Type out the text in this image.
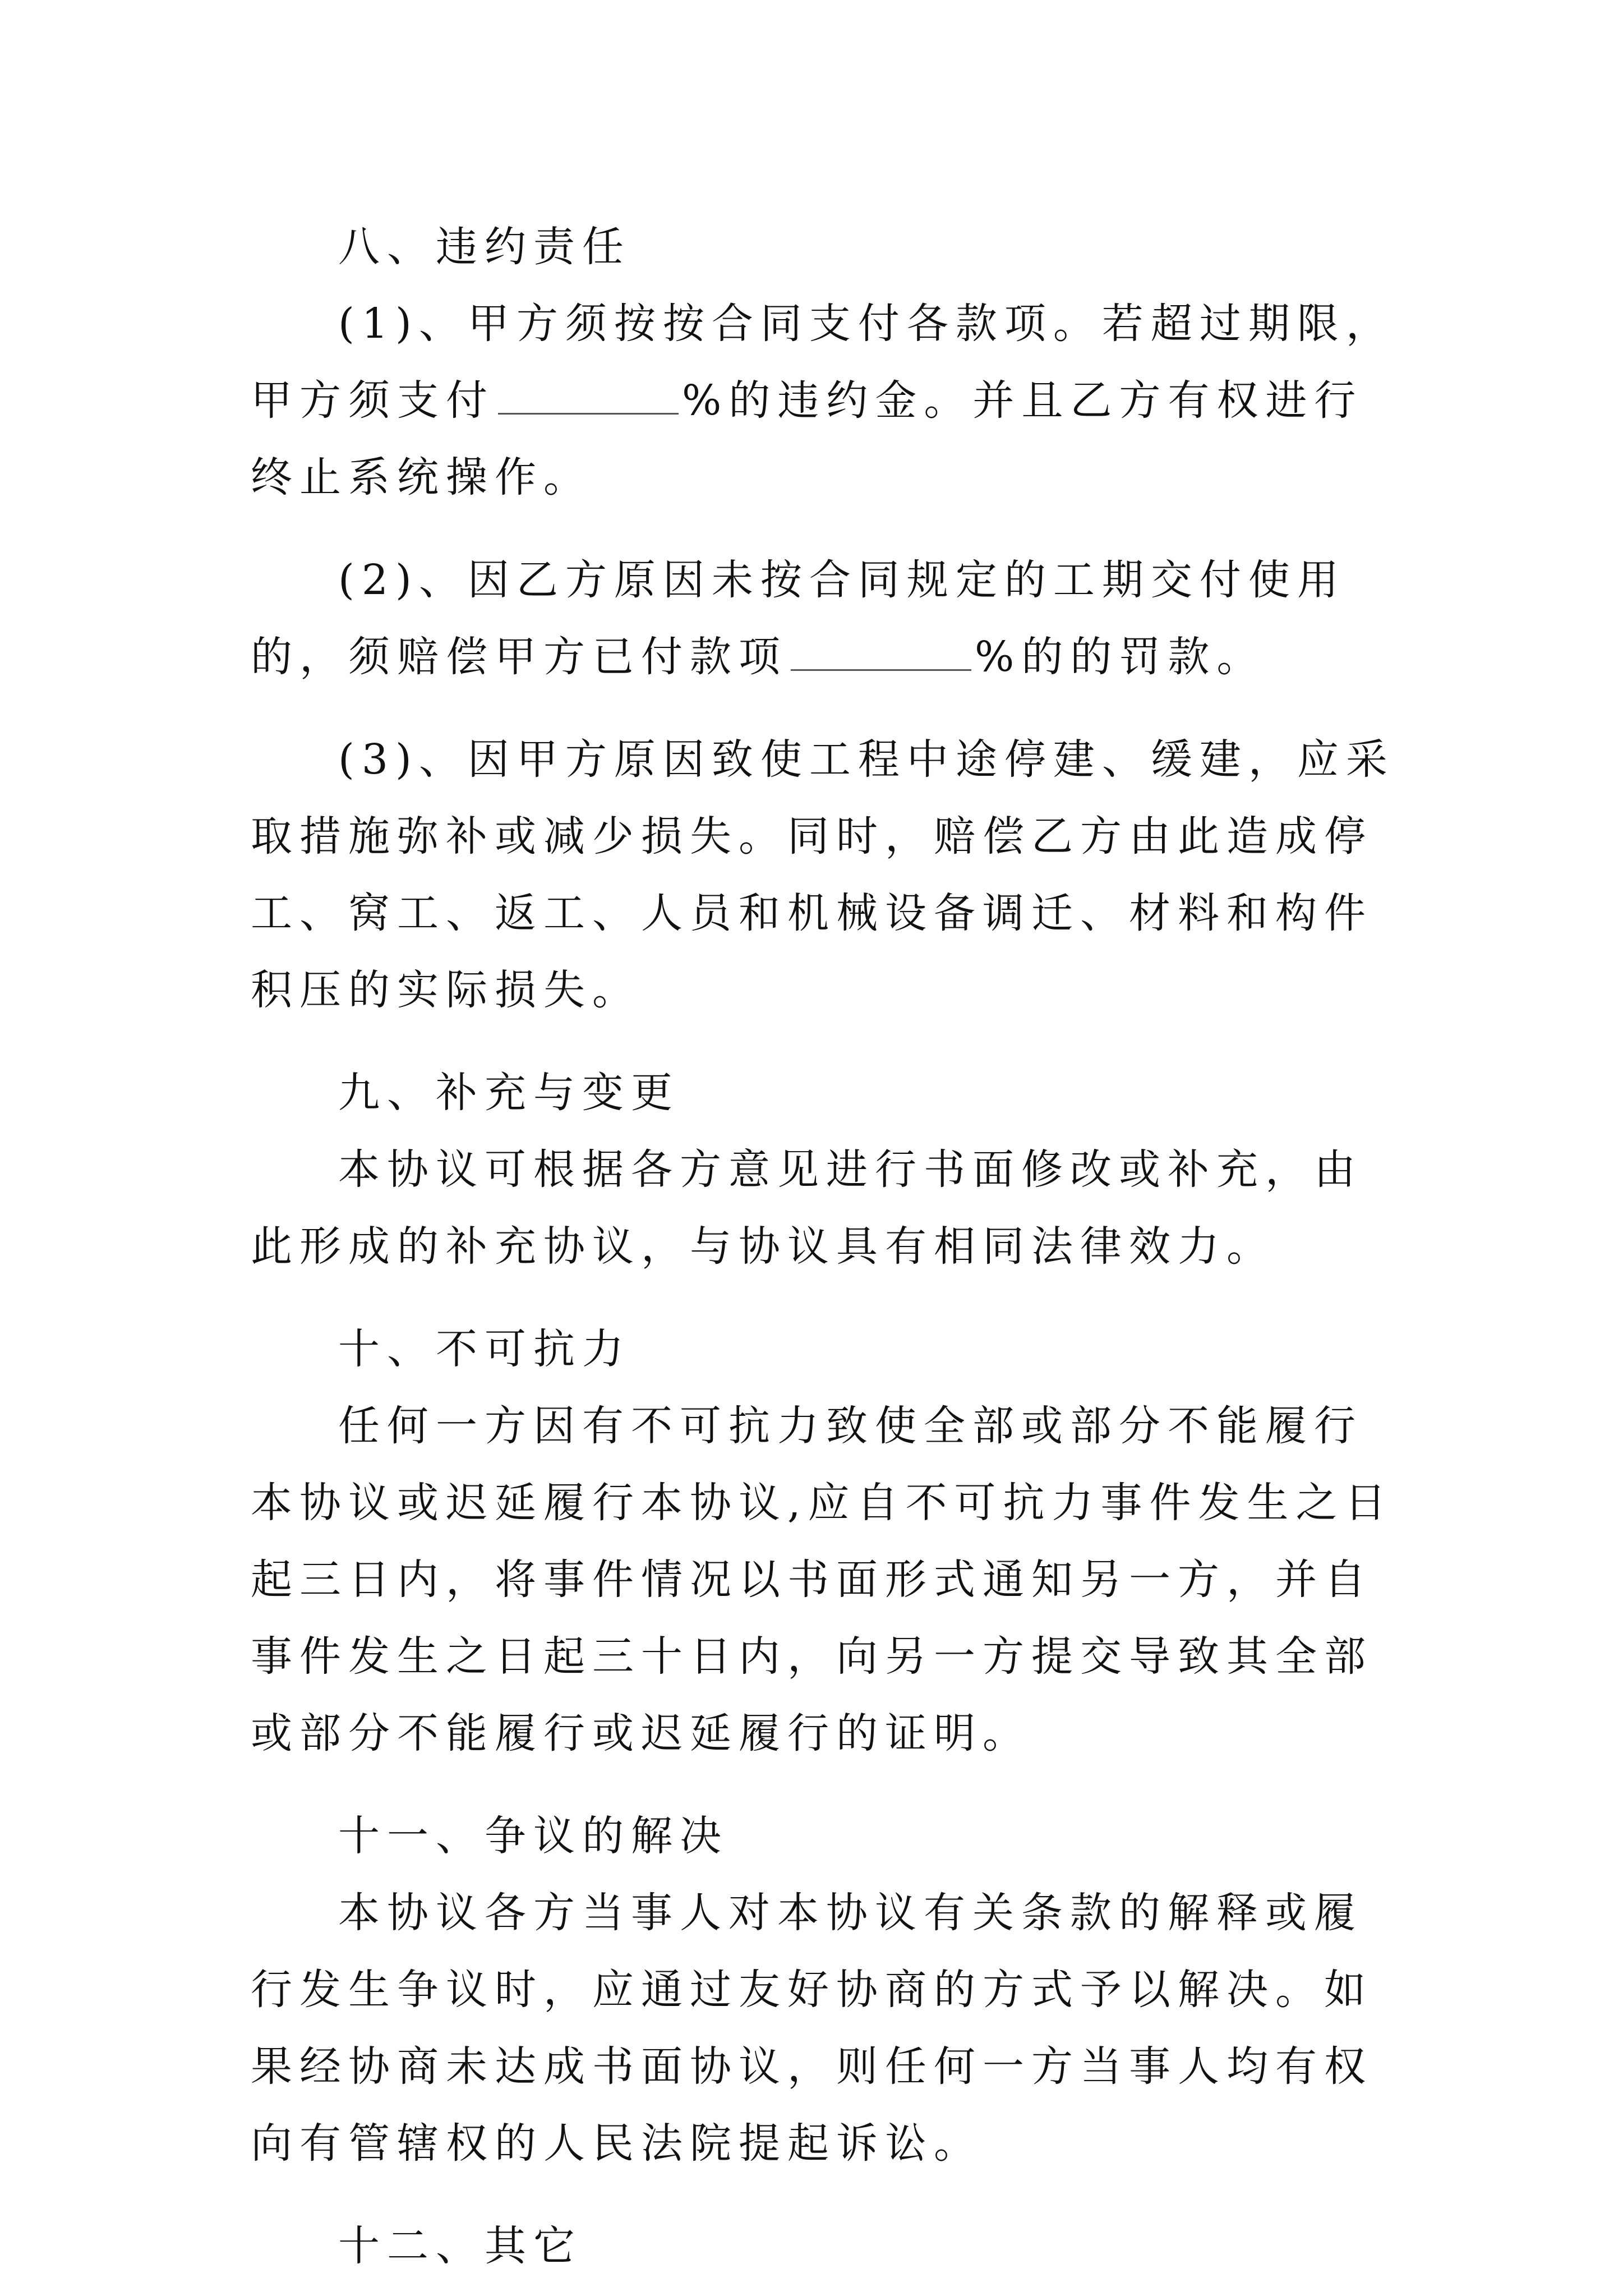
八、违约责任

(1)、甲方须按按合同支付各款项。若超过期限，甲方须支付	%的违约金。并且乙方有权进行终止系统操作。

(2)、因乙方原因未按合同规定的工期交付使用的，须赔偿甲方已付款项	%的的罚款。

(3)、因甲方原因致使工程中途停建、缓建，应采取措施弥补或减少损失。同时，赔偿乙方由此造成停工、窝工、返工、人员和机械设备调迁、材料和构件积压的实际损失。

九、补充与变更

本协议可根据各方意见进行书面修改或补充，由此形成的补充协议，与协议具有相同法律效力。

十、不可抗力

任何一方因有不可抗力致使全部或部分不能履行本协议或迟延履行本协议,应自不可抗力事件发生之日起三日内，将事件情况以书面形式通知另一方，并自事件发生之日起三十日内，向另一方提交导致其全部或部分不能履行或迟延履行的证明。

十一、争议的解决

本协议各方当事人对本协议有关条款的解释或履行发生争议时，应通过友好协商的方式予以解决。如果经协商未达成书面协议，则任何一方当事人均有权向有管辖权的人民法院提起诉讼。

十二、其它
